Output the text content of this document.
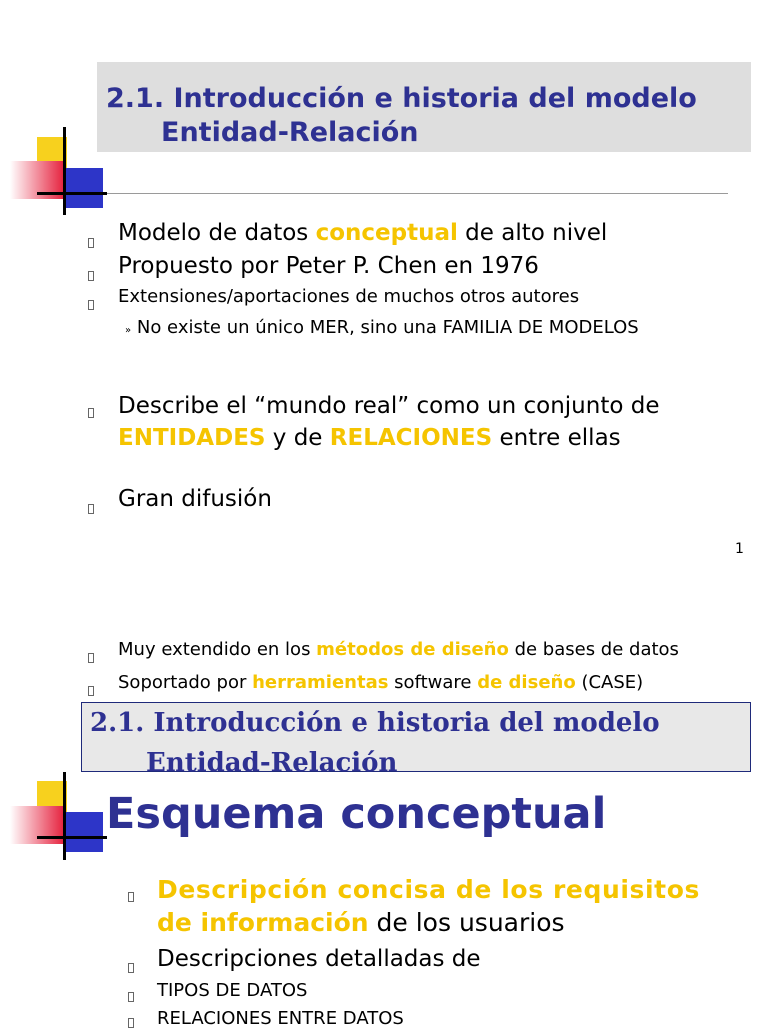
2.1. Introducción e historia del modelo
Entidad-Relación
Modelo de datos conceptual de alto nivel
Propuesto por Peter P. Chen en 1976
Extensiones/aportaciones de muchos otros autores
» No existe un único MER, sino una FAMILIA DE MODELOS
Describe el “mundo real” como un conjunto de
ENTIDADES y de RELACIONES entre ellas
Gran difusión
1
Muy extendido en los métodos de diseño de bases de datos
Soportado por herramientas software de diseño (CASE)
2.1. Introducción e historia del modelo
Entidad-Relación
Esquema conceptual
Descripción concisa de los requisitos
de información de los usuarios
Descripciones detalladas de
TIPOS DE DATOS
RELACIONES ENTRE DATOS
